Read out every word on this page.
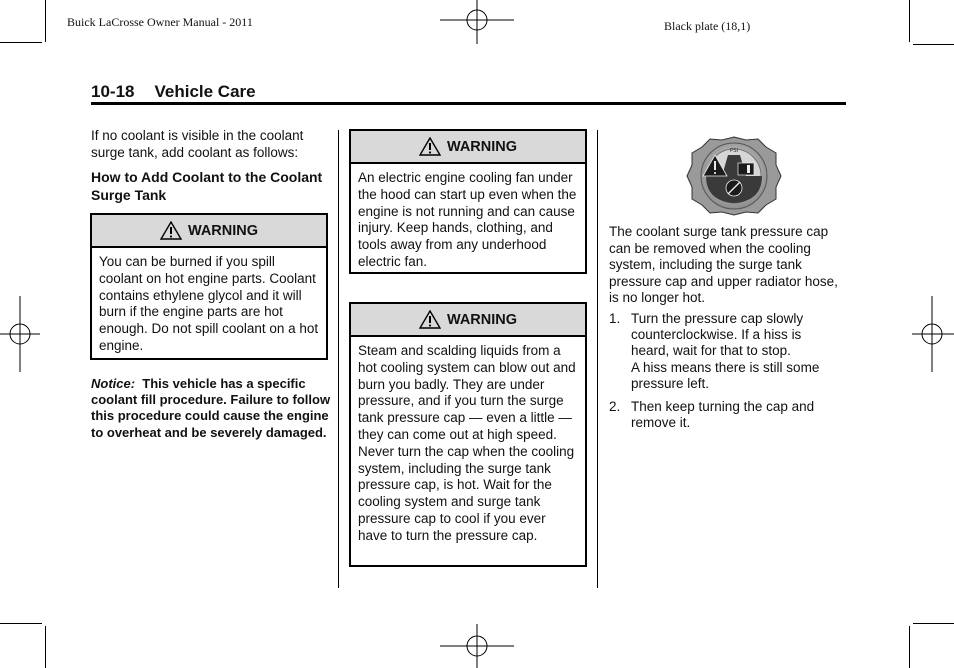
Buick LaCrosse Owner Manual - 2011	Black plate (18,1)
10-18 Vehicle Care

If no coolant is visible in the coolant surge tank, add coolant as follows:

How to Add Coolant to the Coolant Surge Tank

WARNING
You can be burned if you spill coolant on hot engine parts. Coolant contains ethylene glycol and it will burn if the engine parts are hot enough. Do not spill coolant on a hot engine.

Notice: This vehicle has a specific coolant fill procedure. Failure to follow this procedure could cause the engine to overheat and be severely damaged.

WARNING
An electric engine cooling fan under the hood can start up even when the engine is not running and can cause injury. Keep hands, clothing, and tools away from any underhood electric fan.
WARNING
Steam and scalding liquids from a hot cooling system can blow out and burn you badly. They are under pressure, and if you turn the surge tank pressure cap — even a little — they can come out at high speed. Never turn the cap when the cooling system, including the surge tank pressure cap, is hot. Wait for the cooling system and surge tank pressure cap to cool if you ever have to turn the pressure cap.
PSI

The coolant surge tank pressure cap can be removed when the cooling system, including the surge tank pressure cap and upper radiator hose, is no longer hot.

1. Turn the pressure cap slowly counterclockwise. If a hiss is heard, wait for that to stop.
A hiss means there is still some pressure left.
2. Then keep turning the cap and remove it.
